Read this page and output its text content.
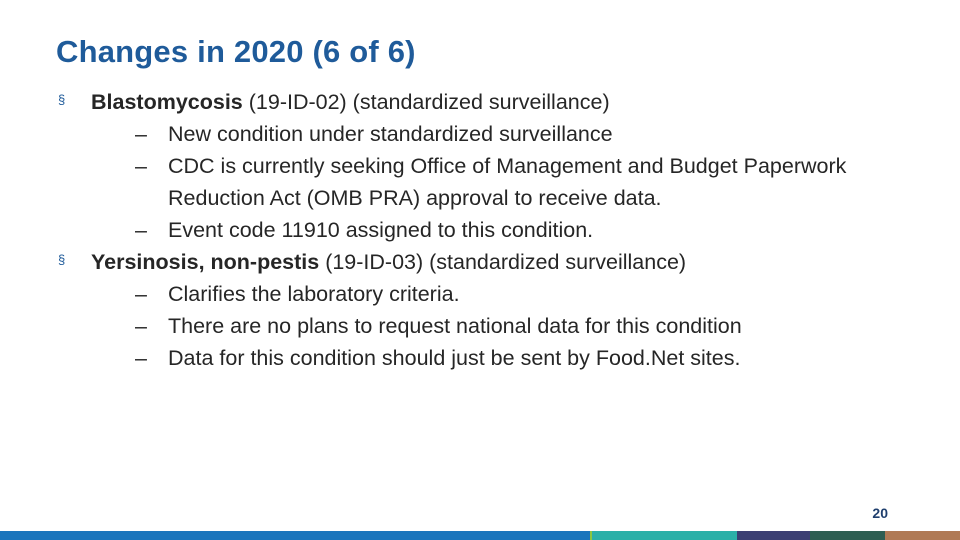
Changes in 2020 (6 of 6)
§ Blastomycosis (19-ID-02) (standardized surveillance)
– New condition under standardized surveillance
– CDC is currently seeking Office of Management and Budget Paperwork Reduction Act (OMB PRA) approval to receive data.
– Event code 11910 assigned to this condition.
§ Yersinosis, non-pestis (19-ID-03) (standardized surveillance)
– Clarifies the laboratory criteria.
– There are no plans to request national data for this condition
– Data for this condition should just be sent by Food.Net sites.
20
